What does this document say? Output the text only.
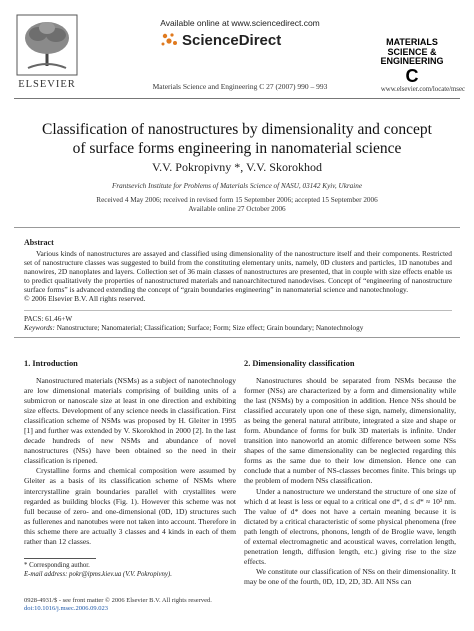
ELSEVIER
Available online at www.sciencedirect.com
ScienceDirect
Materials Science and Engineering C 27 (2007) 990 – 993
MATERIALS
SCIENCE &
ENGINEERING
C
www.elsevier.com/locate/msec
Classification of nanostructures by dimensionality and concept of surface forms engineering in nanomaterial science
V.V. Pokropivny *, V.V. Skorokhod
Frantsevich Institute for Problems of Materials Science of NASU, 03142 Kyiv, Ukraine
Received 4 May 2006; received in revised form 15 September 2006; accepted 15 September 2006
Available online 27 October 2006
Abstract
Various kinds of nanostructures are assayed and classified using dimensionality of the nanostructure itself and their components. Restricted set of nanostructure classes was suggested to build from the constituting elementary units, namely, 0D clusters and particles, 1D nanotubes and nanowires, 2D nanoplates and layers. Collection set of 36 main classes of nanostructures are presented, that in couple with size effects enable us to predict qualitatively the properties of nanostructured materials and nanoarchitectured nanodevises. Concept of “engineering of nanostructure surface forms” is advanced extending the concept of “grain boundaries engineering” in nanomaterial science and nanotechnology.
© 2006 Elsevier B.V. All rights reserved.
PACS: 61.46+W
Keywords: Nanostructure; Nanomaterial; Classification; Surface; Form; Size effect; Grain boundary; Nanotechnology
1. Introduction

Nanostructured materials (NSMs) as a subject of nanotechnology are low dimensional materials comprising of building units of a submicron or nanoscale size at least in one direction and exhibiting size effects. Development of any science needs in classification. First classification scheme of NSMs was proposed by H. Gleiter in 1995 [1] and further was extended by V. Skorokhod in 2000 [2]. In the last decade hundreds of new NSMs and abundance of novel nanostructures (NSs) have been obtained so the need in their classification is ripened.

Crystalline forms and chemical composition were assumed by Gleiter as a basis of its classification scheme of NSMs where intercrystalline grain boundaries parallel with crystallites were regarded as building blocks (Fig. 1). However this scheme was not full because of zero- and one-dimensional (0D, 1D) structures such as fullerenes and nanotubes were not taken into account. Therefore in this scheme there are actually 3 classes and 4 kinds in each of them rather than 12 classes.

2. Dimensionality classification

Nanostructures should be separated from NSMs because the former (NSs) are characterized by a form and dimensionality while the last (NSMs) by a composition in addition. Hence NSs should be classified accurately upon one of these sign, namely, dimensionality, as being the general natural attribute, integrated a size and shape or form. Abundance of forms for bulk 3D materials is infinite. Under transition into nanoworld an atomic difference between some NSs shapes of the same dimensionality can be neglected regarding this forms as the same due to their low dimension. Hence one can conclude that a number of NS-classes becomes finite. This brings up the problem of modern NSs classification.

Under a nanostructure we understand the structure of one size of which d at least is less or equal to a critical one d*, d ≤ d* ≈ 10² nm. The value of d* does not have a certain meaning because it is dictated by a critical characteristic of some physical phenomena (free path length of electrons, phonons, length of de Broglie wave, length of external electromagnetic and acoustical waves, correlation length, penetration length, diffusion length, etc.) giving rise to the size effects.

We constitute our classification of NSs on their dimensionality. It may be one of the fourth, 0D, 1D, 2D, 3D. All NSs can

* Corresponding author.
E-mail address: pokr@ipms.kiev.ua (V.V. Pokropivny).
0928-4931/$ - see front matter © 2006 Elsevier B.V. All rights reserved.
doi:10.1016/j.msec.2006.09.023
